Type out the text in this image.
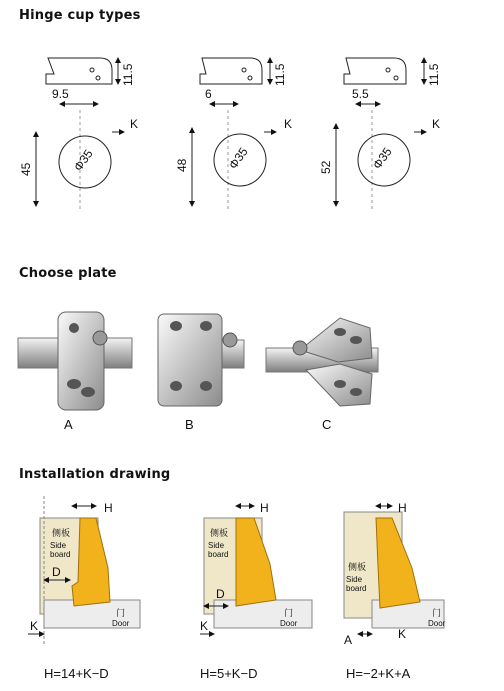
Hinge cup types
Choose plate
Installation drawing
11.5
9.5
Φ35
45
K
11.5
6
Φ35
48
K
11.5
5.5
Φ35
52
K
A	B	C
H
D
K
侧板
Side
board
门
Door
H
D
K
侧板
Side
board
门
Door
H
A	K
侧板
Side
board
门
Door
H=14+K−D	H=5+K−D	H=−2+K+A
